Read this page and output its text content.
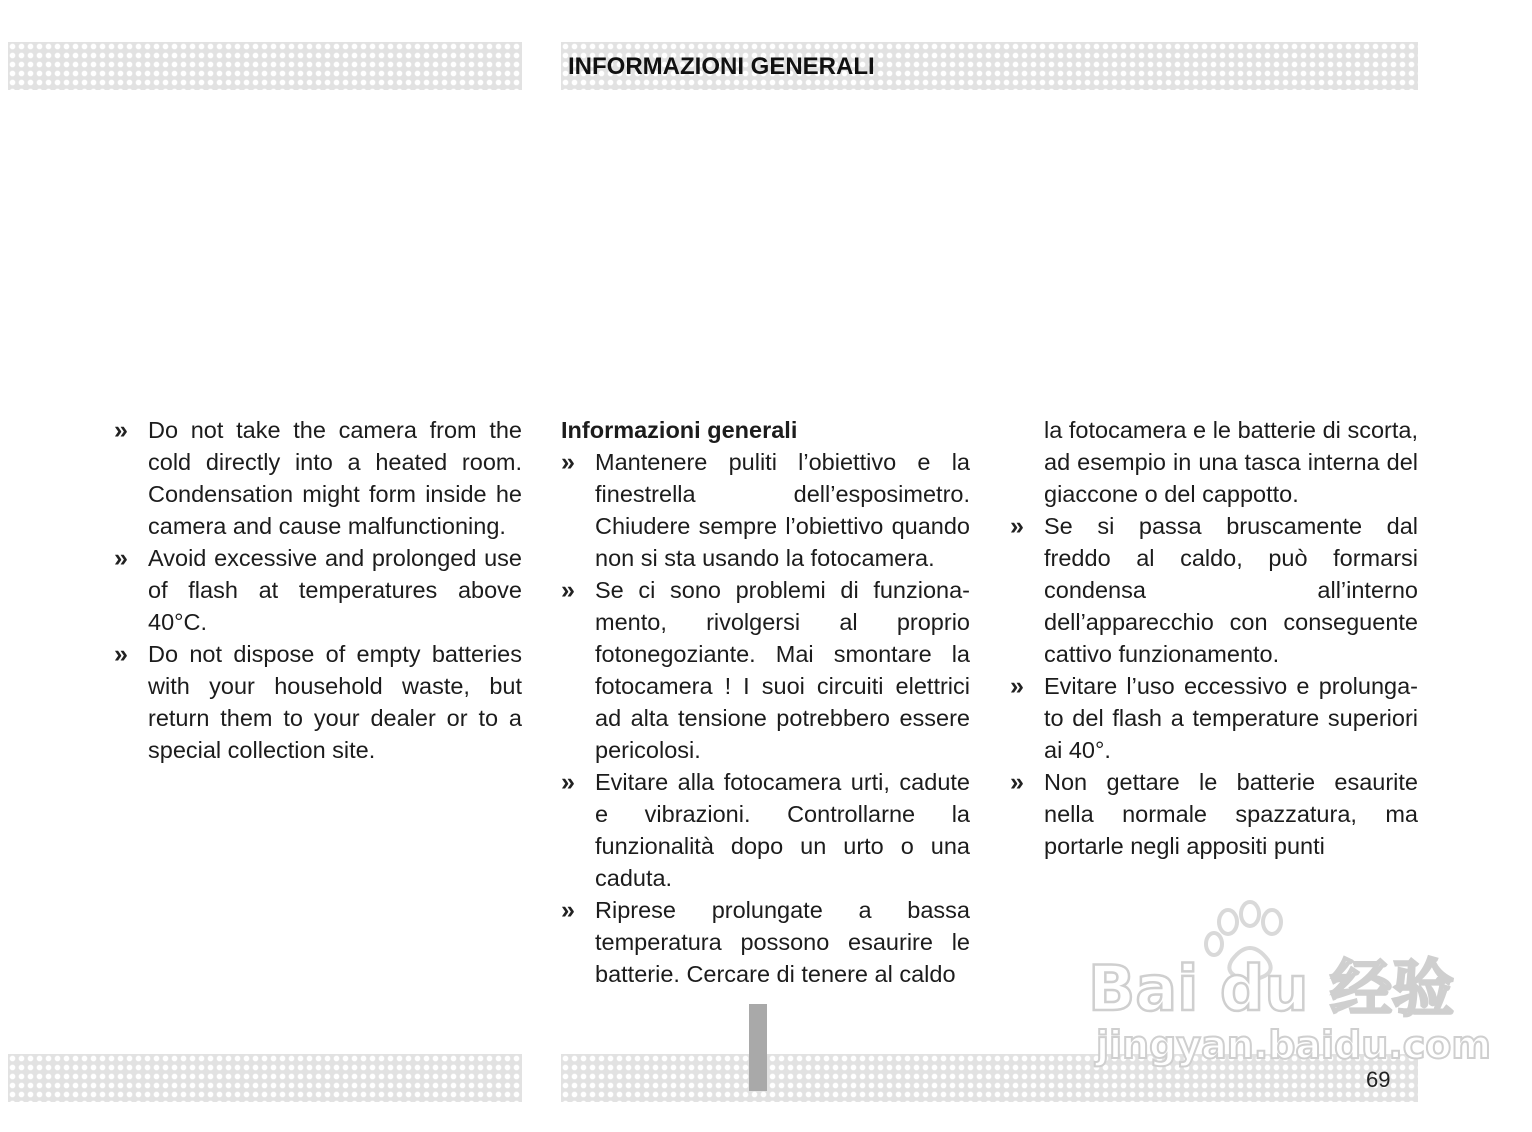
INFORMAZIONI GENERALI
» Do not take the camera from the cold directly into a heated room. Condensation might form inside he camera and cause malfunctioning.
» Avoid excessive and prolonged use of flash at temperatures above 40°C.
» Do not dispose of empty batteries with your household waste, but return them to your dealer or to a special collection site.
Informazioni generali
» Mantenere puliti l’obiettivo e la finestrella dell’esposimetro. Chiudere sempre l’obiettivo quando non si sta usando la fotocamera.
» Se ci sono problemi di funziona-mento, rivolgersi al proprio fotonegoziante. Mai smontare la fotocamera ! I suoi circuiti elettrici ad alta tensione potrebbero essere pericolosi.
» Evitare alla fotocamera urti, cadute e vibrazioni. Controllarne la funzionalità dopo un urto o una caduta.
» Riprese prolungate a bassa temperatura possono esaurire le batterie. Cercare di tenere al caldo
la fotocamera e le batterie di scorta, ad esempio in una tasca interna del giaccone o del cappotto.
» Se si passa bruscamente dal freddo al caldo, può formarsi condensa all’interno dell’apparecchio con conseguente cattivo funzionamento.
» Evitare l’uso eccessivo e prolunga-to del flash a temperature superiori ai 40°.
» Non gettare le batterie esaurite nella normale spazzatura, ma portarle negli appositi punti
Bai du 经验
jingyan.baidu.com
69
